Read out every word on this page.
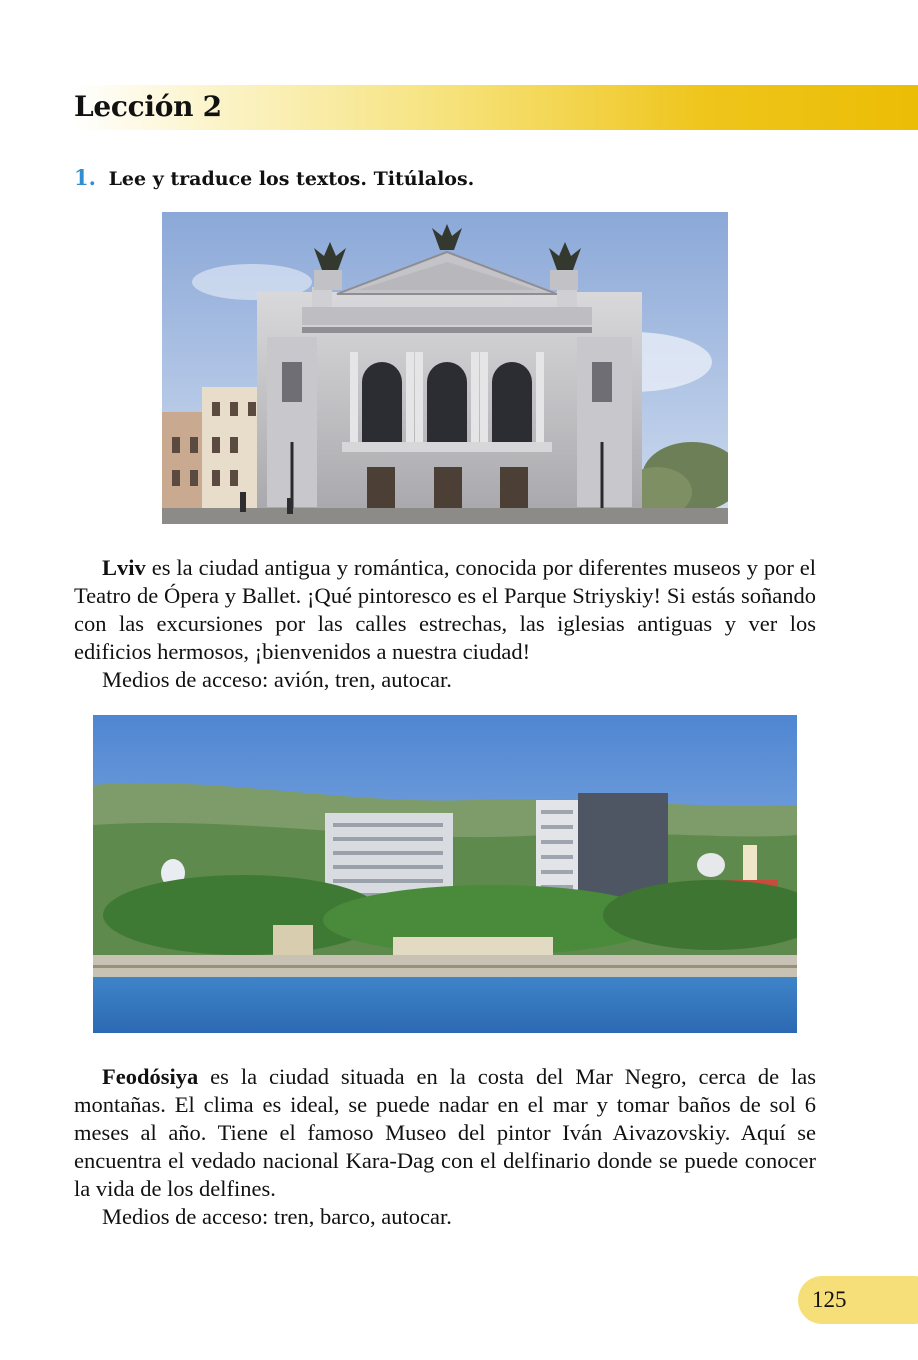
Lección 2
1. Lee y traduce los textos. Titúlalos.

Lviv es la ciudad antigua y romántica, conocida por diferentes museos y por el Teatro de Ópera y Ballet. ¡Qué pintoresco es el Parque Striyskiy! Si estás soñando con las excursiones por las calles estrechas, las iglesias antiguas y ver los edificios hermosos, ¡bienvenidos a nuestra ciudad!

Medios de acceso: avión, tren, autocar.

Feodósiya es la ciudad situada en la costa del Mar Negro, cerca de las montañas. El clima es ideal, se puede nadar en el mar y tomar baños de sol 6 meses al año. Tiene el famoso Museo del pintor Iván Aivazovskiy. Aquí se encuentra el vedado nacional Kara-Dag con el delfinario donde se puede conocer la vida de los delfines.

Medios de acceso: tren, barco, autocar.

125
